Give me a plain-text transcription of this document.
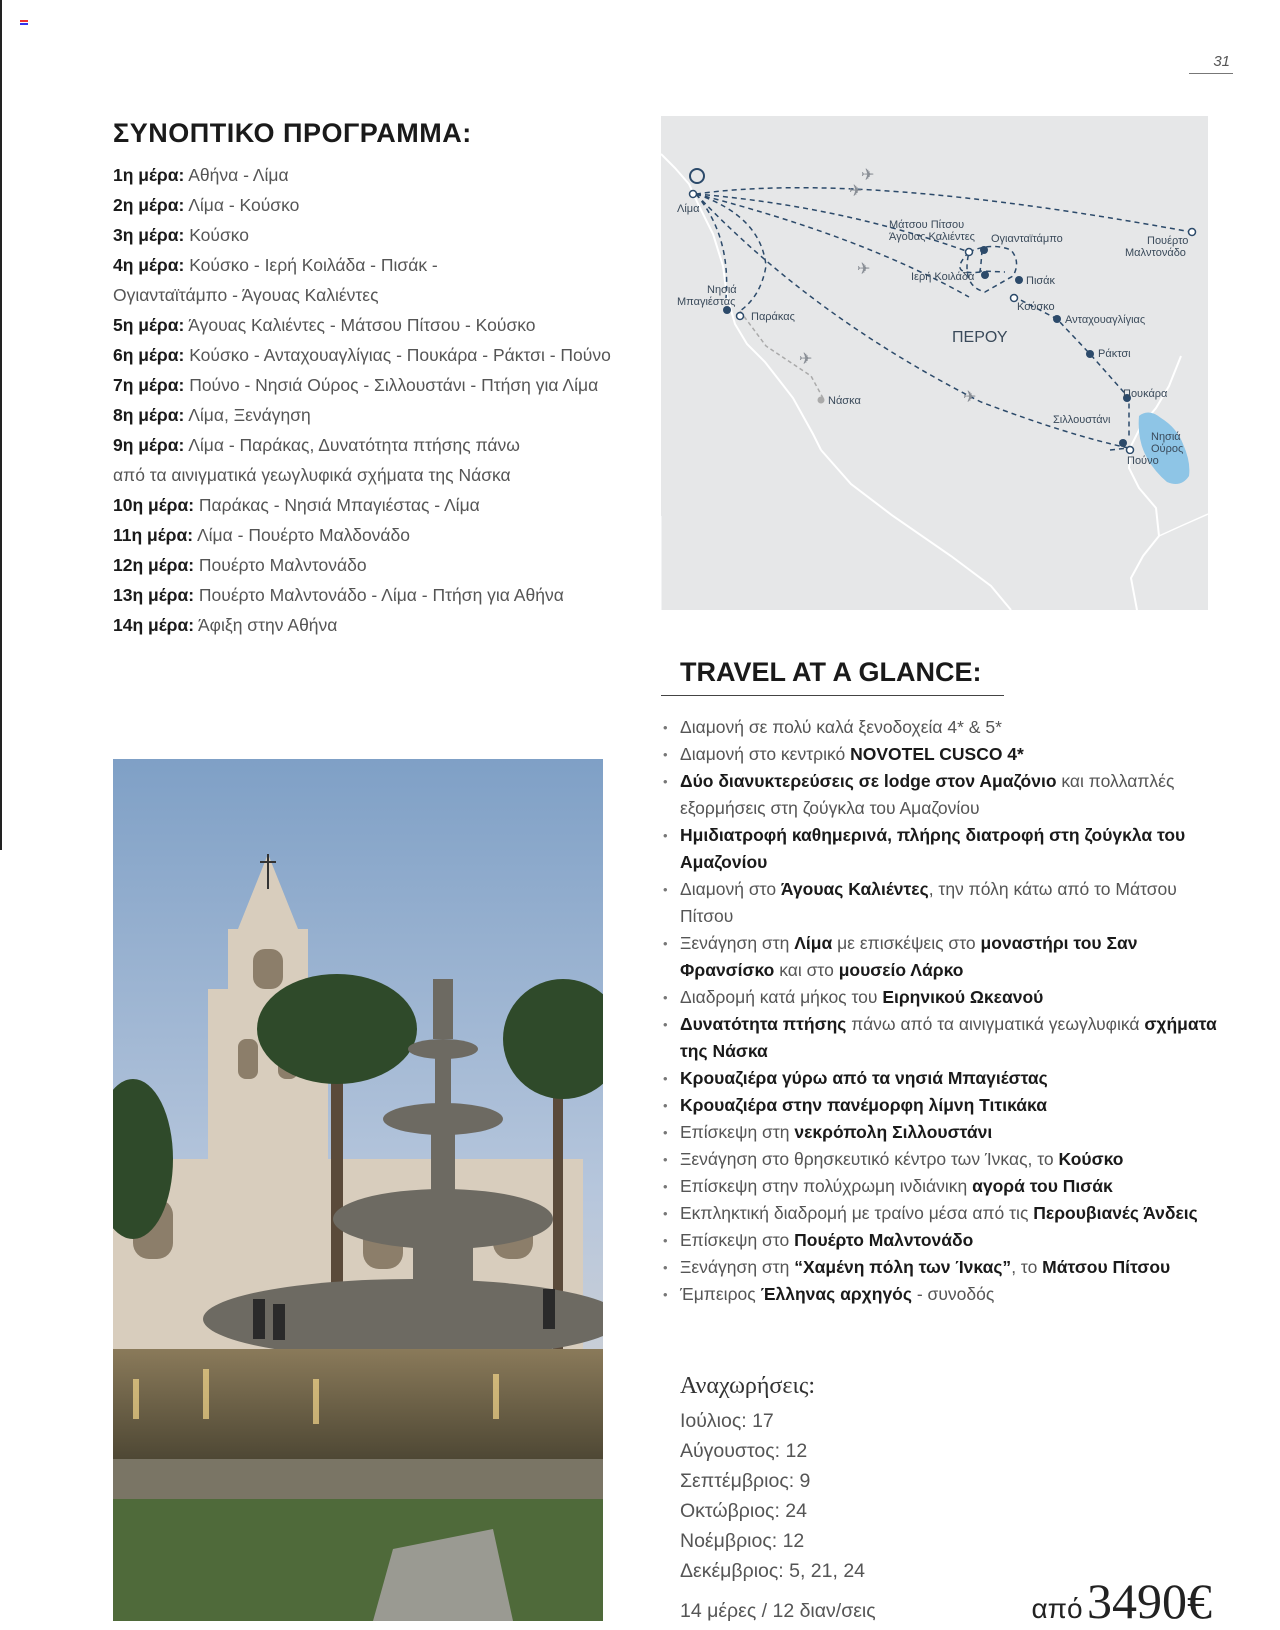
31
ΣΥΝΟΠΤΙΚΟ ΠΡΟΓΡΑΜΜΑ:
1η μέρα: Αθήνα - Λίμα
2η μέρα: Λίμα - Κούσκο
3η μέρα: Κούσκο
4η μέρα: Κούσκο - Ιερή Κοιλάδα - Πισάκ -
Ογιανταϊτάμπο - Άγουας Καλιέντες
5η μέρα: Άγουας Καλιέντες - Μάτσου Πίτσου - Κούσκο
6η μέρα: Κούσκο - Ανταχουαγλίγιας - Πουκάρα - Ράκτσι - Πούνο
7η μέρα: Πούνο - Νησιά Ούρος - Σιλλουστάνι - Πτήση για Λίμα
8η μέρα: Λίμα, Ξενάγηση
9η μέρα: Λίμα - Παράκας, Δυνατότητα πτήσης πάνω
από τα αινιγματικά γεωγλυφικά σχήματα της Νάσκα
10η μέρα: Παράκας - Νησιά Μπαγιέστας - Λίμα
11η μέρα: Λίμα - Πουέρτο Μαλδονάδο
12η μέρα: Πουέρτο Μαλντονάδο
13η μέρα: Πουέρτο Μαλντονάδο - Λίμα - Πτήση για Αθήνα
14η μέρα: Άφιξη στην Αθήνα
✈
✈
✈
✈
✈
Λίμα
Νησιά
Μπαγιέστας
Παράκας
Νάσκα
Μάτσου Πίτσου
Άγουας Καλιέντες Ογιανταϊτάμπο
Ιερή Κοιλάδα	Πισάκ
Κούσκο
Ανταχουαγλίγιας
Ράκτσι
Πουκάρα
Σιλλουστάνι
Νησιά
Ούρος
Πούνο
Πουέρτο
Μαλντονάδο
ΠΕΡΟΥ
TRAVEL AT A GLANCE:
• Διαμονή σε πολύ καλά ξενοδοχεία 4* & 5*
• Διαμονή στο κεντρικό NOVOTEL CUSCO 4*
• Δύο διανυκτερεύσεις σε lodge στον Αμαζόνιο και πολλαπλές εξορμήσεις στη ζούγκλα του Αμαζονίου
• Ημιδιατροφή καθημερινά, πλήρης διατροφή στη ζούγκλα του Αμαζονίου
• Διαμονή στο Άγουας Καλιέντες, την πόλη κάτω από το Μάτσου Πίτσου
• Ξενάγηση στη Λίμα με επισκέψεις στο μοναστήρι του Σαν Φρανσίσκο και στο μουσείο Λάρκο
• Διαδρομή κατά μήκος του Ειρηνικού Ωκεανού
• Δυνατότητα πτήσης πάνω από τα αινιγματικά γεωγλυφικά σχήματα της Νάσκα
• Κρουαζιέρα γύρω από τα νησιά Μπαγιέστας
• Κρουαζιέρα στην πανέμορφη λίμνη Τιτικάκα
• Επίσκεψη στη νεκρόπολη Σιλλουστάνι
• Ξενάγηση στο θρησκευτικό κέντρο των Ίνκας, το Κούσκο
• Επίσκεψη στην πολύχρωμη ινδιάνικη αγορά του Πισάκ
• Εκπληκτική διαδρομή με τραίνο μέσα από τις Περουβιανές Άνδεις
• Επίσκεψη στο Πουέρτο Μαλντονάδο
• Ξενάγηση στη “Χαμένη πόλη των Ίνκας”, το Μάτσου Πίτσου
• Έμπειρος Έλληνας αρχηγός - συνοδός
Αναχωρήσεις:
Ιούλιος: 17
Αύγουστος: 12
Σεπτέμβριος: 9
Οκτώβριος: 24
Νοέμβριος: 12
Δεκέμβριος: 5, 21, 24
14 μέρες / 12 διαν/σεις	από 3490€
